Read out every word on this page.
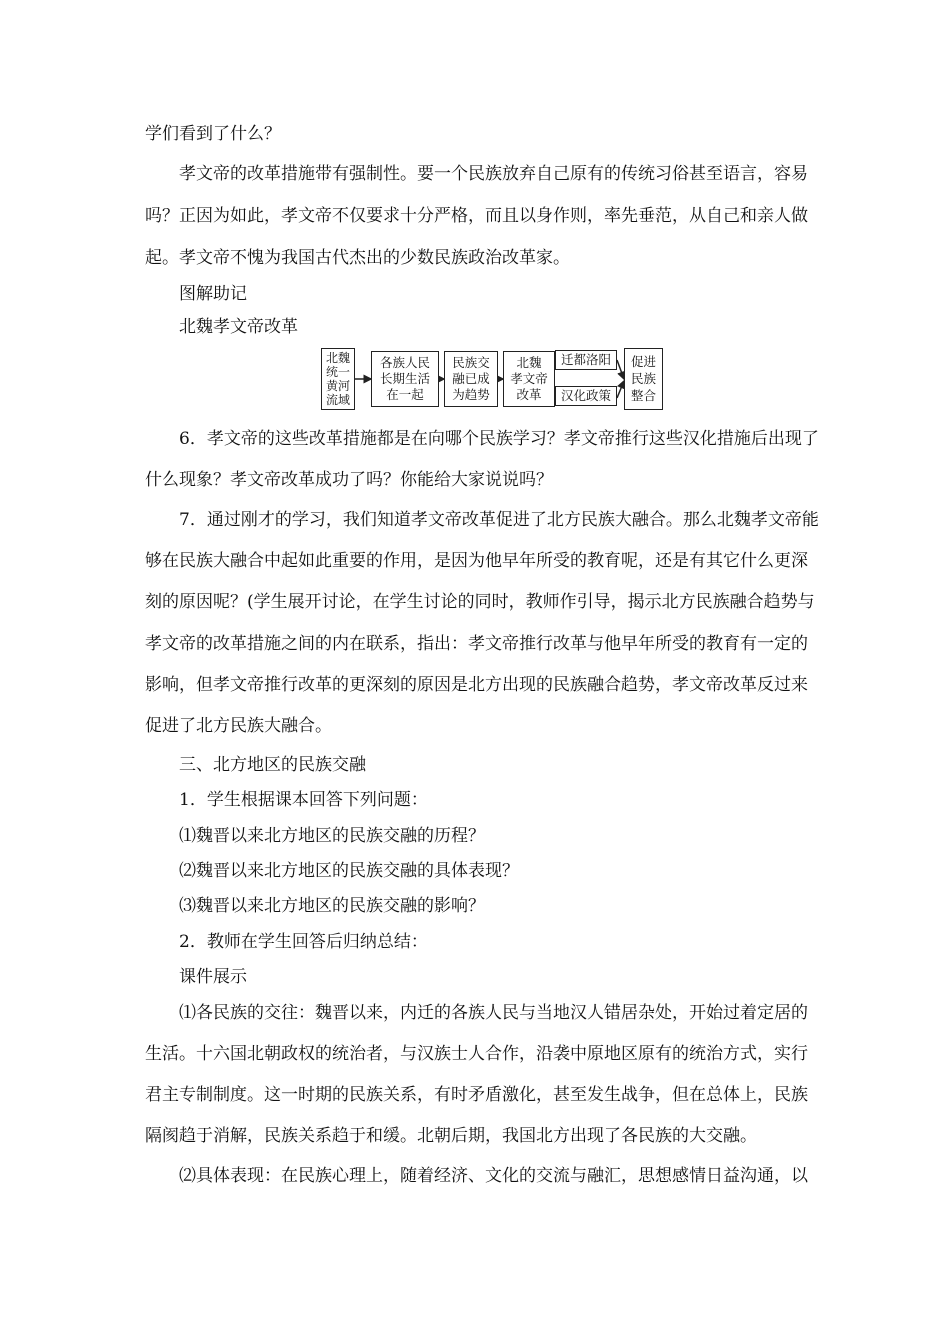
学们看到了什么？
孝文帝的改革措施带有强制性。要一个民族放弃自己原有的传统习俗甚至语言，容易
吗？正因为如此，孝文帝不仅要求十分严格，而且以身作则，率先垂范，从自己和亲人做
起。孝文帝不愧为我国古代杰出的少数民族政治改革家。
图解助记
北魏孝文帝改革
北魏
统一
黄河
流域
各族人民
长期生活
在一起
民族交
融已成
为趋势
北魏
孝文帝
改革
迁都洛阳
汉化政策
促进
民族
整合
6．孝文帝的这些改革措施都是在向哪个民族学习？孝文帝推行这些汉化措施后出现了
什么现象？孝文帝改革成功了吗？你能给大家说说吗？
7．通过刚才的学习，我们知道孝文帝改革促进了北方民族大融合。那么北魏孝文帝能
够在民族大融合中起如此重要的作用，是因为他早年所受的教育呢，还是有其它什么更深
刻的原因呢？(学生展开讨论，在学生讨论的同时，教师作引导，揭示北方民族融合趋势与
孝文帝的改革措施之间的内在联系，指出：孝文帝推行改革与他早年所受的教育有一定的
影响，但孝文帝推行改革的更深刻的原因是北方出现的民族融合趋势，孝文帝改革反过来
促进了北方民族大融合。
三、北方地区的民族交融
1．学生根据课本回答下列问题：
⑴魏晋以来北方地区的民族交融的历程？
⑵魏晋以来北方地区的民族交融的具体表现？
⑶魏晋以来北方地区的民族交融的影响？
2．教师在学生回答后归纳总结：
课件展示
⑴各民族的交往：魏晋以来，内迁的各族人民与当地汉人错居杂处，开始过着定居的
生活。十六国北朝政权的统治者，与汉族士人合作，沿袭中原地区原有的统治方式，实行
君主专制制度。这一时期的民族关系，有时矛盾激化，甚至发生战争，但在总体上，民族
隔阂趋于消解，民族关系趋于和缓。北朝后期，我国北方出现了各民族的大交融。
⑵具体表现：在民族心理上，随着经济、文化的交流与融汇，思想感情日益沟通，以
